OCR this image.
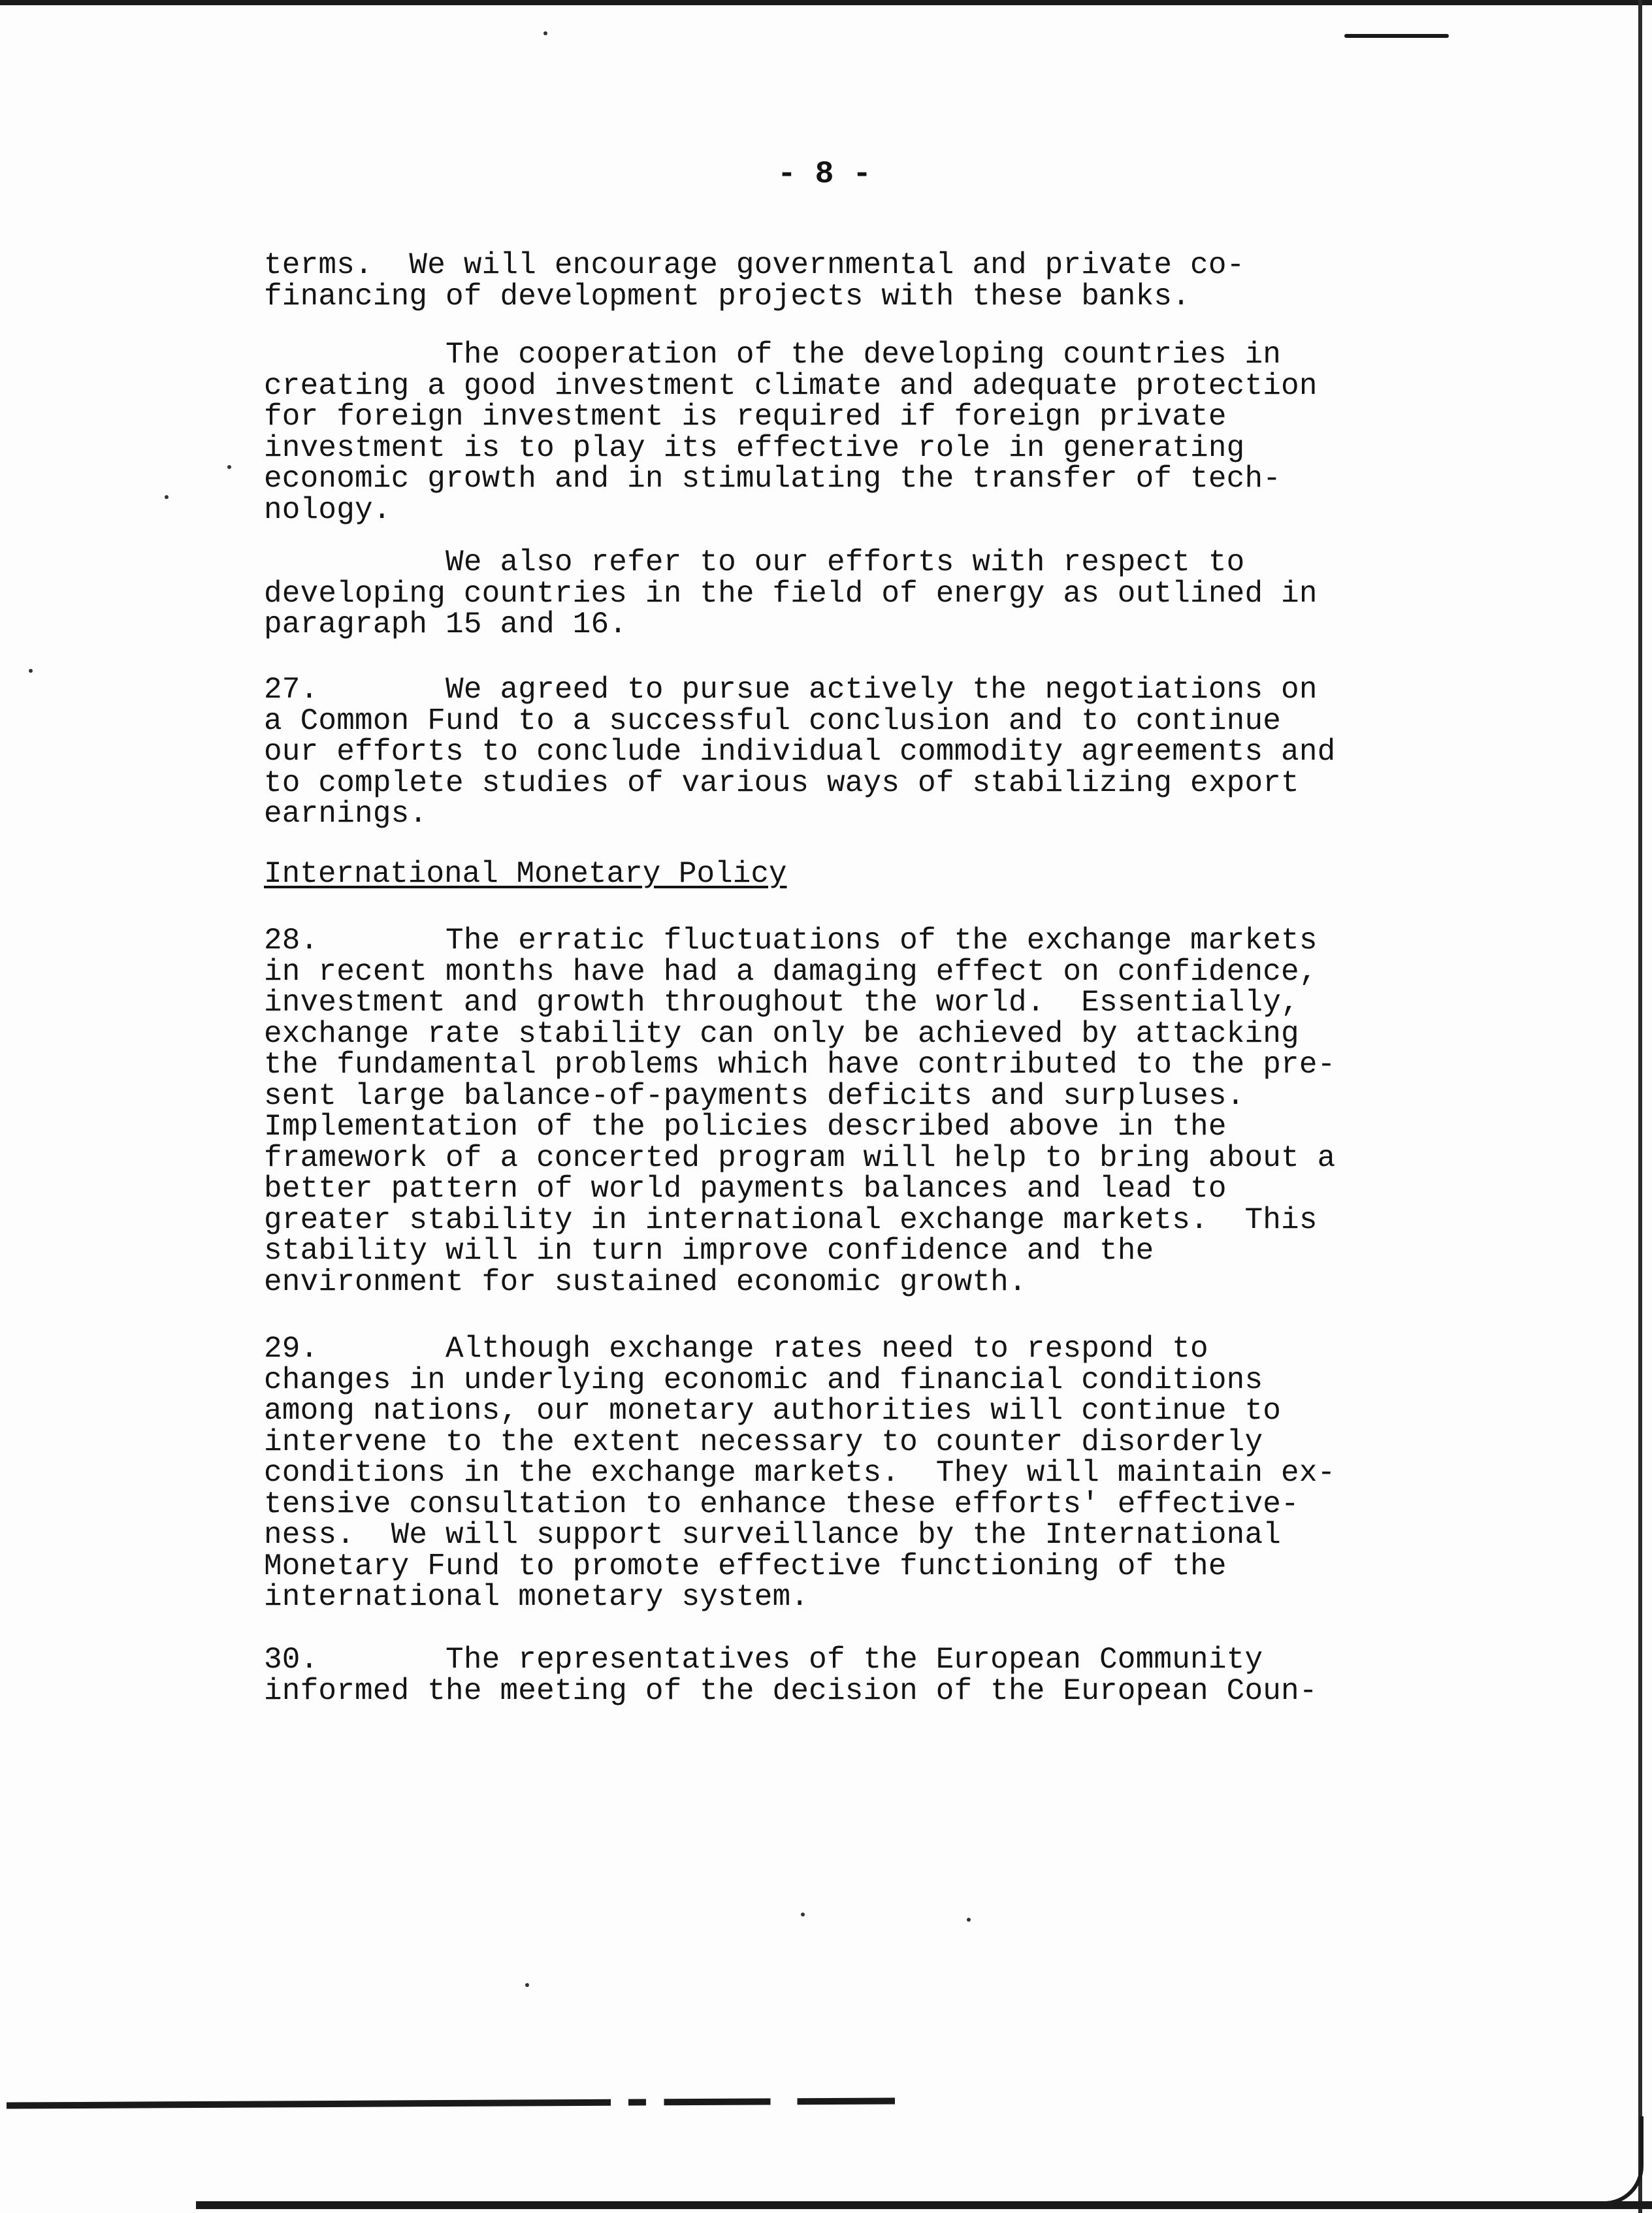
- 8 -
terms.  We will encourage governmental and private co-
financing of development projects with these banks.
The cooperation of the developing countries in
creating a good investment climate and adequate protection
for foreign investment is required if foreign private
investment is to play its effective role in generating
economic growth and in stimulating the transfer of tech-
nology.
We also refer to our efforts with respect to
developing countries in the field of energy as outlined in
paragraph 15 and 16.
27.       We agreed to pursue actively the negotiations on
a Common Fund to a successful conclusion and to continue
our efforts to conclude individual commodity agreements and
to complete studies of various ways of stabilizing export
earnings.
International Monetary Policy
28.       The erratic fluctuations of the exchange markets
in recent months have had a damaging effect on confidence,
investment and growth throughout the world.  Essentially,
exchange rate stability can only be achieved by attacking
the fundamental problems which have contributed to the pre-
sent large balance-of-payments deficits and surpluses.
Implementation of the policies described above in the
framework of a concerted program will help to bring about a
better pattern of world payments balances and lead to
greater stability in international exchange markets.  This
stability will in turn improve confidence and the
environment for sustained economic growth.
29.       Although exchange rates need to respond to
changes in underlying economic and financial conditions
among nations, our monetary authorities will continue to
intervene to the extent necessary to counter disorderly
conditions in the exchange markets.  They will maintain ex-
tensive consultation to enhance these efforts' effective-
ness.  We will support surveillance by the International
Monetary Fund to promote effective functioning of the
international monetary system.
30.       The representatives of the European Community
informed the meeting of the decision of the European Coun-
